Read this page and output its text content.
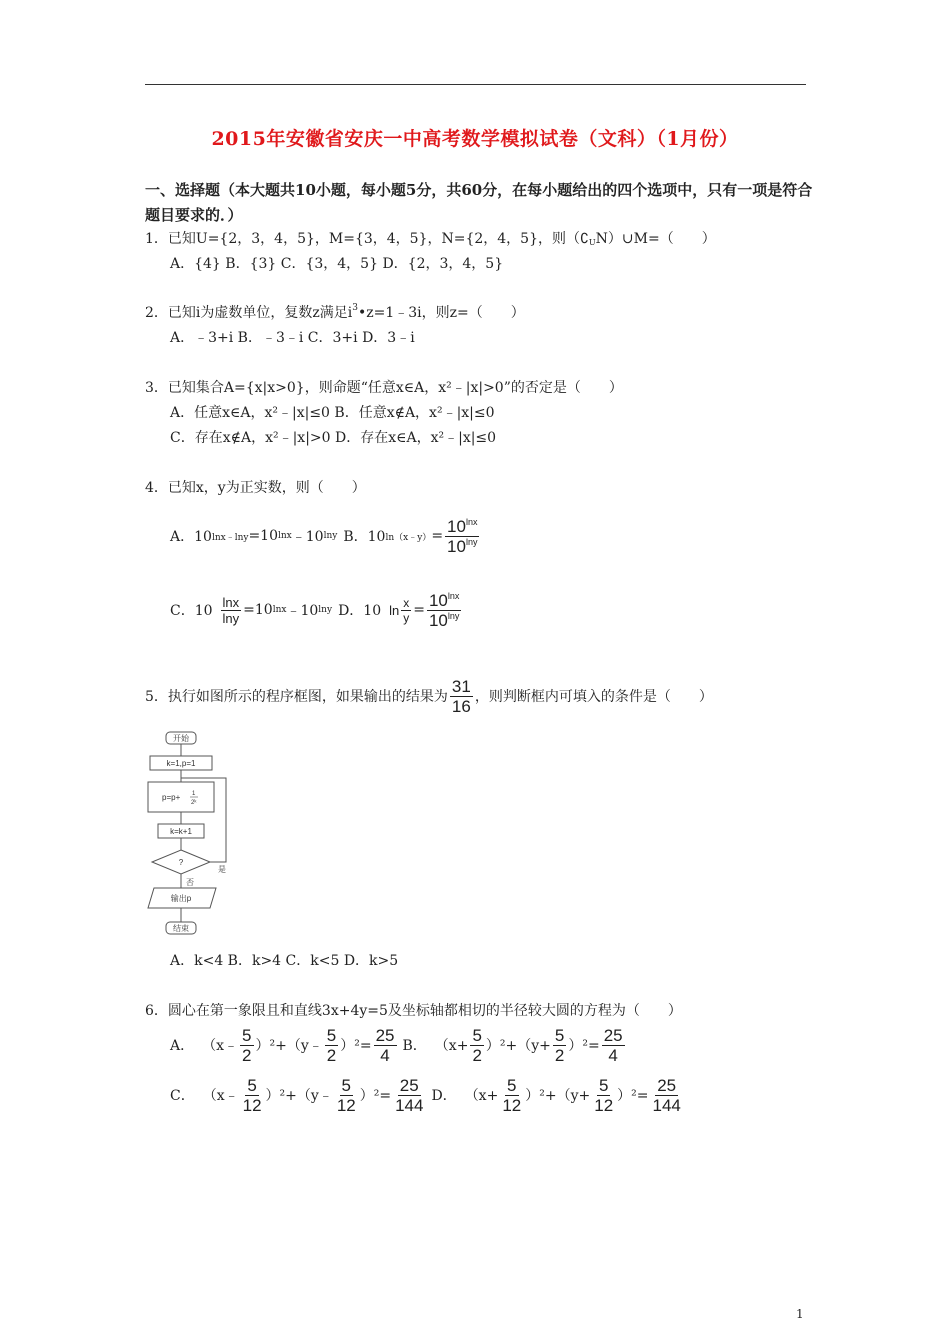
2015年安徽省安庆一中高考数学模拟试卷（文科）（1月份）
一、选择题（本大题共10小题，每小题5分，共60分，在每小题给出的四个选项中，只有一项是符合题目要求的．）
1．已知U={2，3，4，5}，M={3，4，5}，N={2，4，5}，则（∁UN）∪M=（　　）
A．{4} B．{3} C．{3，4，5} D．{2，3，4，5}
2．已知i为虚数单位，复数z满足$i^3•z=1﹣3i$，则z=（　　）
A．﹣3+i B．﹣3﹣i C．3+i D．3﹣i
3．已知集合A={x|x>0}，则命题“任意x∈A，x²﹣|x|>0”的否定是（　　）
A．任意x∈A，x²﹣|x|≤0 B．任意x∉A，x²﹣|x|≤0
C．存在x∉A，x²﹣|x|>0 D．存在x∈A，x²﹣|x|≤0
4．已知x，y为正实数，则（　　）
A．10 lnx﹣lny =10 lnx ﹣10 lny B．10 ln（x﹣y） = $\frac{10^{lnx}}{10^{lny}}$
C．$10 \frac{\ln x}{\ln y} =10$ lnx ﹣10 lny D．10 $\ln \frac{x}{y} = \frac{10^{lnx}}{10^{lny}}$
5．执行如图所示的程序框图，如果输出的结果为 $\frac{31}{16}$ ，则判断框内可填入的条件是（　　）
开始
k=1,p=1
p=p+ 1
2ᵏ
k=k+1
?
是
否
输出p
结束
A．k<4 B．k>4 C．k<5 D．k>5
6．圆心在第一象限且和直线3x+4y=5及坐标轴都相切的半径较大圆的方程为（　　）
A． （x﹣ $\frac{5}{2}$ ）²+（y﹣ $\frac{5}{2} )^2= \frac{25}{4}$ B． $(x+ \frac{5}{2} )^2+(y+ \frac{5}{2} )^2= \frac{25}{4}$
C． （x﹣ $\frac{5}{12}$ ）²+（y﹣ $\frac{5}{12} )^2= \frac{25}{144}$ D． $(x+ \frac{5}{12} )^2+(y+ \frac{5}{12} )^2= \frac{25}{144}$
1
